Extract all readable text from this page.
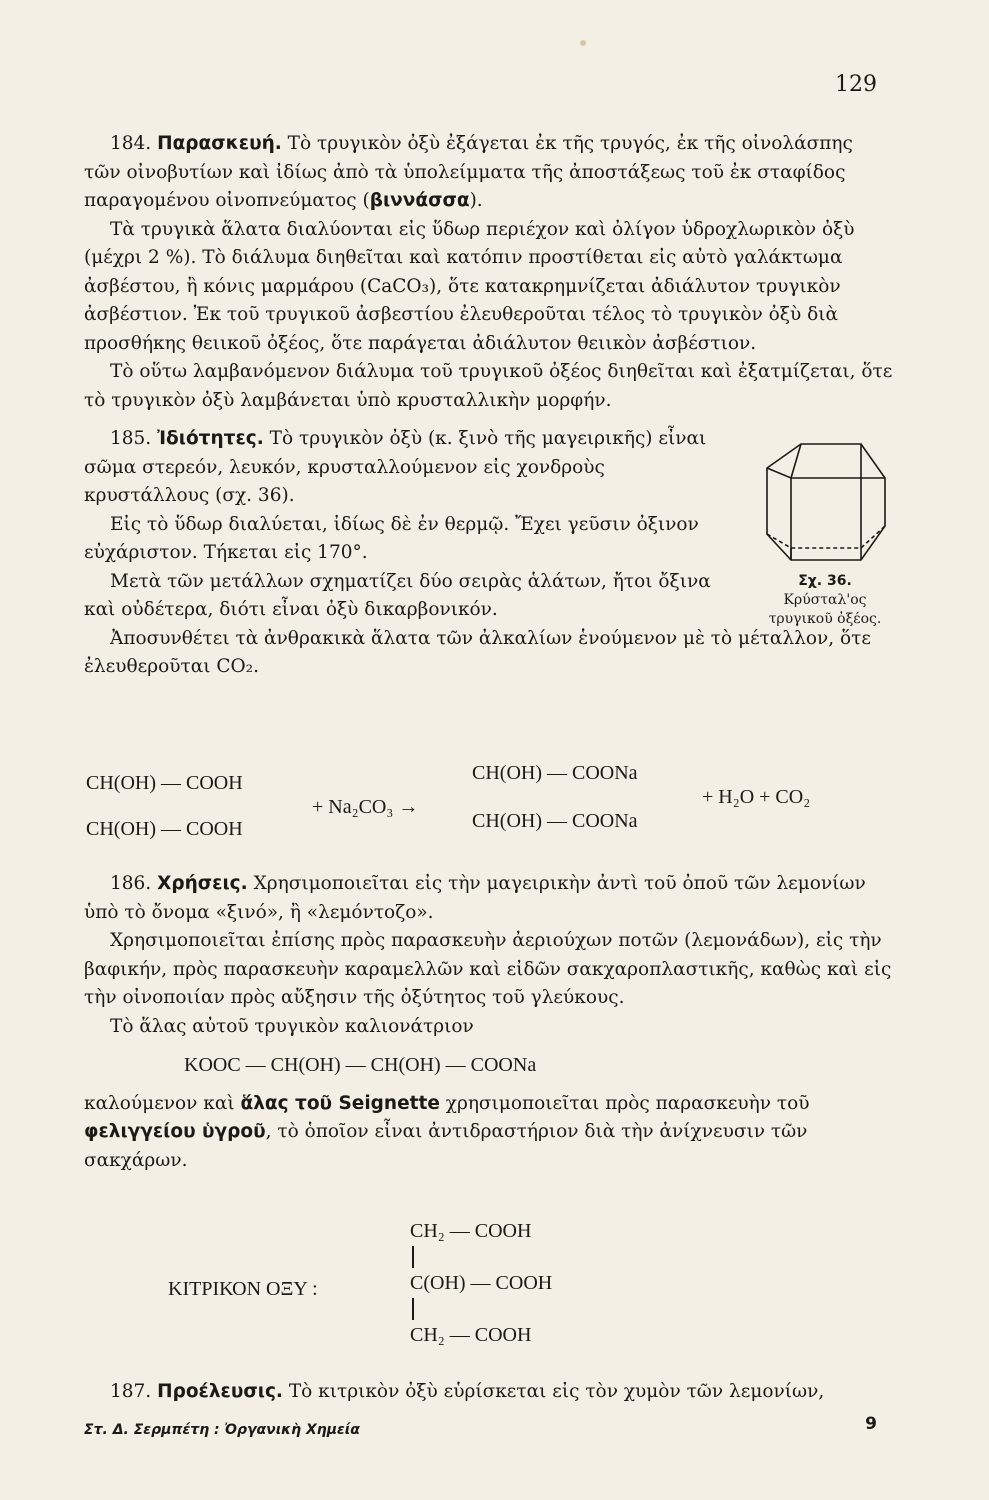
129

184. Παρασκευή. Τὸ τρυγικὸν ὀξὺ ἐξάγεται ἐκ τῆς τρυγός, ἐκ τῆς οἰνολάσπης τῶν οἰνοβυτίων καὶ ἰδίως ἀπὸ τὰ ὑπολείμματα τῆς ἀποστάξεως τοῦ ἐκ σταφίδος παραγομένου οἰνοπνεύματος (βιννάσσα).

Τὰ τρυγικὰ ἅλατα διαλύονται εἰς ὕδωρ περιέχον καὶ ὀλίγον ὑδροχλωρικὸν ὀξὺ (μέχρι 2 %). Τὸ διάλυμα διηθεῖται καὶ κατόπιν προστίθεται εἰς αὐτὸ γαλάκτωμα ἀσβέστου, ἢ κόνις μαρμάρου (CaCO₃), ὅτε κατακρημνίζεται ἀδιάλυτον τρυγικὸν ἀσβέστιον. Ἐκ τοῦ τρυγικοῦ ἀσβεστίου ἐλευθεροῦται τέλος τὸ τρυγικὸν ὀξὺ διὰ προσθήκης θειικοῦ ὀξέος, ὅτε παράγεται ἀδιάλυτον θειικὸν ἀσβέστιον.

Τὸ οὕτω λαμβανόμενον διάλυμα τοῦ τρυγικοῦ ὀξέος διηθεῖται καὶ ἐξατμίζεται, ὅτε τὸ τρυγικὸν ὀξὺ λαμβάνεται ὑπὸ κρυσταλλικὴν μορφήν.

185. Ἰδιότητες. Τὸ τρυγικὸν ὀξὺ (κ. ξινὸ τῆς μαγειρικῆς) εἶναι σῶμα στερεόν, λευκόν, κρυσταλλούμενον εἰς χονδροὺς κρυστάλλους (σχ. 36).

Εἰς τὸ ὕδωρ διαλύεται, ἰδίως δὲ ἐν θερμῷ. Ἔχει γεῦσιν ὀξινον εὐχάριστον. Τήκεται εἰς 170°.

Μετὰ τῶν μετάλλων σχηματίζει δύο σειρὰς ἁλάτων, ἤτοι ὄξινα καὶ οὐδέτερα, διότι εἶναι ὀξὺ δικαρβονικόν.

Ἀποσυνθέτει τὰ ἀνθρακικὰ ἅλατα τῶν ἀλκαλίων ἑνούμενον μὲ τὸ μέταλλον, ὅτε ἐλευθεροῦται CO₂.

Σχ. 36. Κρύσταλ'ος τρυγικοῦ ὀξέος.
CH(OH) — COOH
CH(OH) — COOH
+ Na₂CO₃ →
CH(OH) — COONa
CH(OH) — COONa
+ H₂O + CO₂

186. Χρήσεις. Χρησιμοποιεῖται εἰς τὴν μαγειρικὴν ἀντὶ τοῦ ὀποῦ τῶν λεμονίων ὑπὸ τὸ ὄνομα «ξινό», ἢ «λεμόντοζο».

Χρησιμοποιεῖται ἐπίσης πρὸς παρασκευὴν ἀεριούχων ποτῶν (λεμονάδων), εἰς τὴν βαφικήν, πρὸς παρασκευὴν καραμελλῶν καὶ εἰδῶν σακχαροπλαστικῆς, καθὼς καὶ εἰς τὴν οἰνοποιίαν πρὸς αὔξησιν τῆς ὀξύτητος τοῦ γλεύκους.

Τὸ ἅλας αὐτοῦ τρυγικὸν καλιονάτριον

KOOC — CH(OH) — CH(OH) — COONa

καλούμενον καὶ ἅλας τοῦ Seignette χρησιμοποιεῖται πρὸς παρασκευὴν τοῦ φελιγγείου ὑγροῦ, τὸ ὁποῖον εἶναι ἀντιδραστήριον διὰ τὴν ἀνίχνευσιν τῶν σακχάρων.

ΚΙΤΡΙΚΟΝ ΟΞΥ :
CH₂ — COOH
C(OH) — COOH
CH₂ — COOH

187. Προέλευσις. Τὸ κιτρικὸν ὀξὺ εὑρίσκεται εἰς τὸν χυμὸν τῶν λεμονίων,

Στ. Δ. Σερμπέτη : Ὀργανικὴ Χημεία	9
